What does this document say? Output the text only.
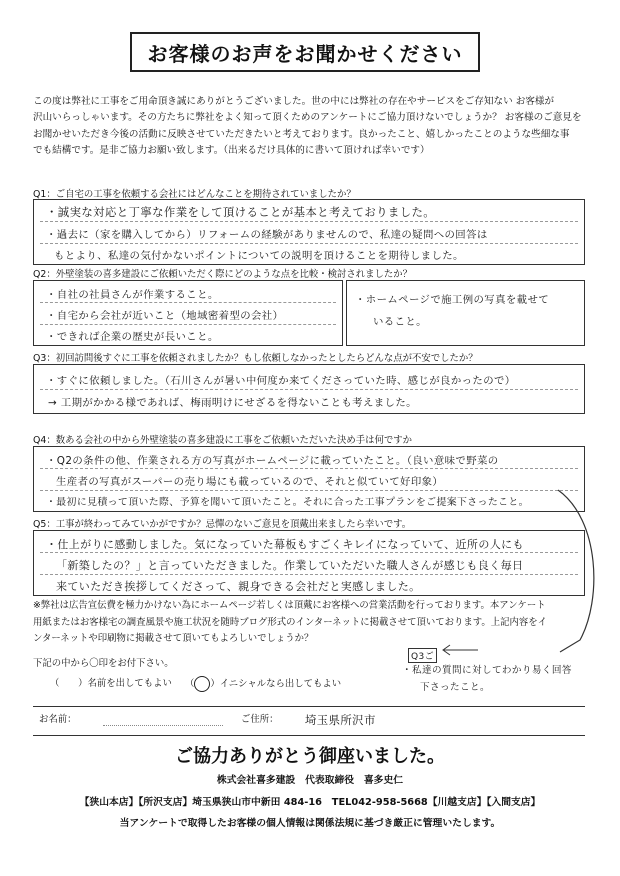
お客様のお声をお聞かせください
この度は弊社に工事をご用命頂き誠にありがとうございました。世の中には弊社の存在やサービスをご存知ない お客様が
沢山いらっしゃいます。その方たちに弊社をよく知って頂くためのアンケートにご協力頂けないでしょうか？ お客様のご意見を
お聞かせいただき今後の活動に反映させていただきたいと考えております。良かったこと、嬉しかったことのような些細な事
でも結構です。是非ご協力お願い致します。（出来るだけ具体的に書いて頂ければ幸いです）
Q1：ご自宅の工事を依頼する会社にはどんなことを期待されていましたか？
・誠実な対応と丁寧な作業をして頂けることが基本と考えておりました。
・過去に（家を購入してから）リフォームの経験がありませんので、私達の疑問への回答は
もとより、私達の気付かないポイントについての説明を頂けることを期待しました。
Q2：外壁塗装の喜多建設にご依頼いただく際にどのような点を比較・検討されましたか？
・自社の社員さんが作業すること。
・自宅から会社が近いこと（地域密着型の会社）
・できれば企業の歴史が長いこと。
・ホームページで施工例の写真を載せて
いること。
Q3：初回訪問後すぐに工事を依頼されましたか？もし依頼しなかったとしたらどんな点が不安でしたか？
・すぐに依頼しました。（石川さんが暑い中何度か来てくださっていた時、感じが良かったので）
→ 工期がかかる様であれば、梅雨明けにせざるを得ないことも考えました。
Q4：数ある会社の中から外壁塗装の喜多建設に工事をご依頼いただいた決め手は何ですか
・Q2の条件の他、作業される方の写真がホームページに載っていたこと。（良い意味で野菜の
生産者の写真がスーパーの売り場にも載っているので、それと似ていて好印象）
・最初に見積って頂いた際、予算を聞いて頂いたこと。それに合った工事プランをご提案下さったこと。
Q5：工事が終わってみていかがですか？忌憚のないご意見を頂戴出来ましたら幸いです。
・仕上がりに感動しました。気になっていた幕板もすごくキレイになっていて、近所の人にも
「新築したの？」と言っていただきました。作業していただいた職人さんが感じも良く毎日
来ていただき挨拶してくださって、親身できる会社だと実感しました。
※弊社は広告宣伝費を極力かけない為にホームページ若しくは頂戴にお客様への営業活動を行っております。本アンケート
用紙またはお客様宅の調査風景や施工状況を随時ブログ形式のインターネットに掲載させて頂いております。上記内容をイ
ンターネットや印刷物に掲載させて頂いてもよろしいでしょうか？
Q3ご
・私達の質問に対してわかり易く回答
下さったこと。
下記の中から〇印をお付下さい。
（　　）名前を出してもよい （ ）イニシャルなら出してもよい
お名前：	ご住所： 埼玉県所沢市
ご協力ありがとう御座いました。
株式会社喜多建設　代表取締役　喜多史仁
【狭山本店】【所沢支店】埼玉県狭山市中新田 484-16　TEL042-958-5668【川越支店】【入間支店】
当アンケートで取得したお客様の個人情報は関係法規に基づき厳正に管理いたします。
